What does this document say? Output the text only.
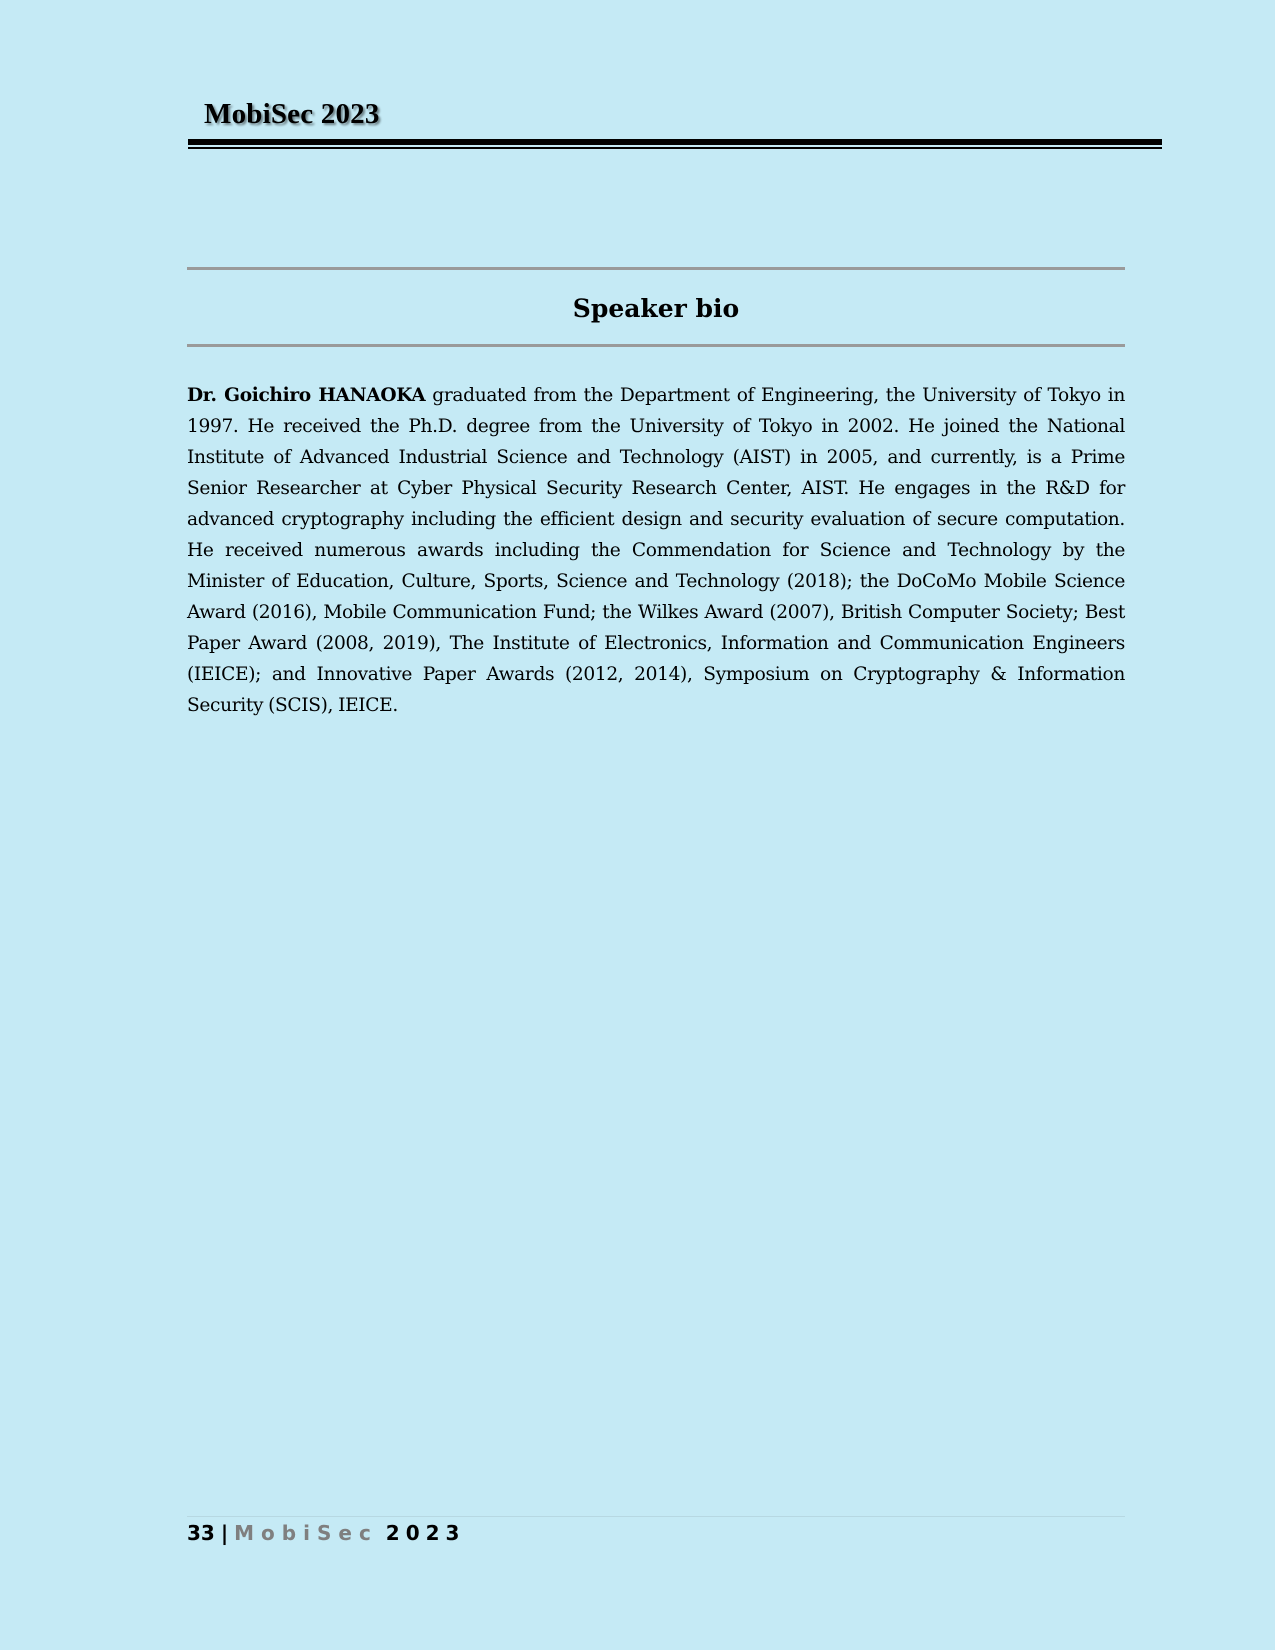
MobiSec 2023
Speaker bio

Dr. Goichiro HANAOKA graduated from the Department of Engineering, the University of Tokyo in 1997. He received the Ph.D. degree from the University of Tokyo in 2002. He joined the National Institute of Advanced Industrial Science and Technology (AIST) in 2005, and currently, is a Prime Senior Researcher at Cyber Physical Security Research Center, AIST. He engages in the R&D for advanced cryptography including the efficient design and security evaluation of secure computation. He received numerous awards including the Commendation for Science and Technology by the Minister of Education, Culture, Sports, Science and Technology (2018); the DoCoMo Mobile Science Award (2016), Mobile Communication Fund; the Wilkes Award (2007), British Computer Society; Best Paper Award (2008, 2019), The Institute of Electronics, Information and Communication Engineers (IEICE); and Innovative Paper Awards (2012, 2014), Symposium on Cryptography & Information Security (SCIS), IEICE.

33 | MobiSec 2023
